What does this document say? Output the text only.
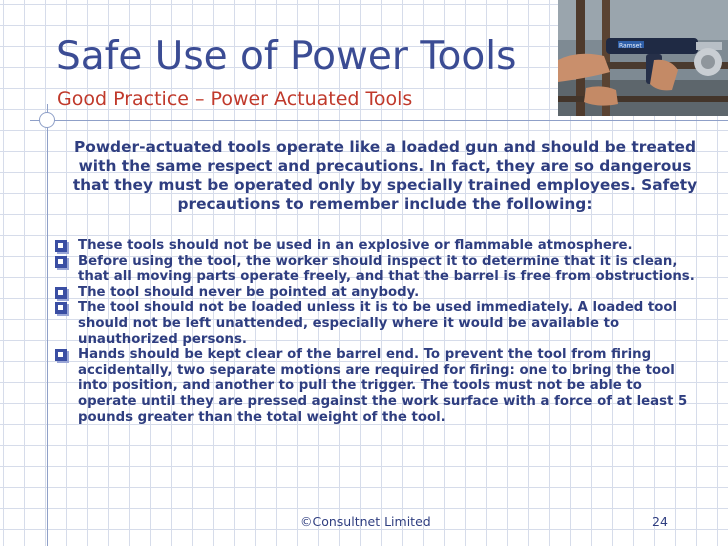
Ramset
Safe Use of Power Tools
Good Practice – Power Actuated Tools
Powder-actuated tools operate like a loaded gun and should be treated with the same respect and precautions. In fact, they are so dangerous that they must be operated only by specially trained employees. Safety precautions to remember include the following:
These tools should not be used in an explosive or flammable atmosphere.
Before using the tool, the worker should inspect it to determine that it is clean, that all moving parts operate freely, and that the barrel is free from obstructions.
The tool should never be pointed at anybody.
The tool should not be loaded unless it is to be used immediately. A loaded tool should not be left unattended, especially where it would be available to unauthorized persons.
Hands should be kept clear of the barrel end. To prevent the tool from firing accidentally, two separate motions are required for firing: one to bring the tool into position, and another to pull the trigger. The tools must not be able to operate until they are pressed against the work surface with a force of at least 5 pounds greater than the total weight of the tool.
©Consultnet Limited	24
